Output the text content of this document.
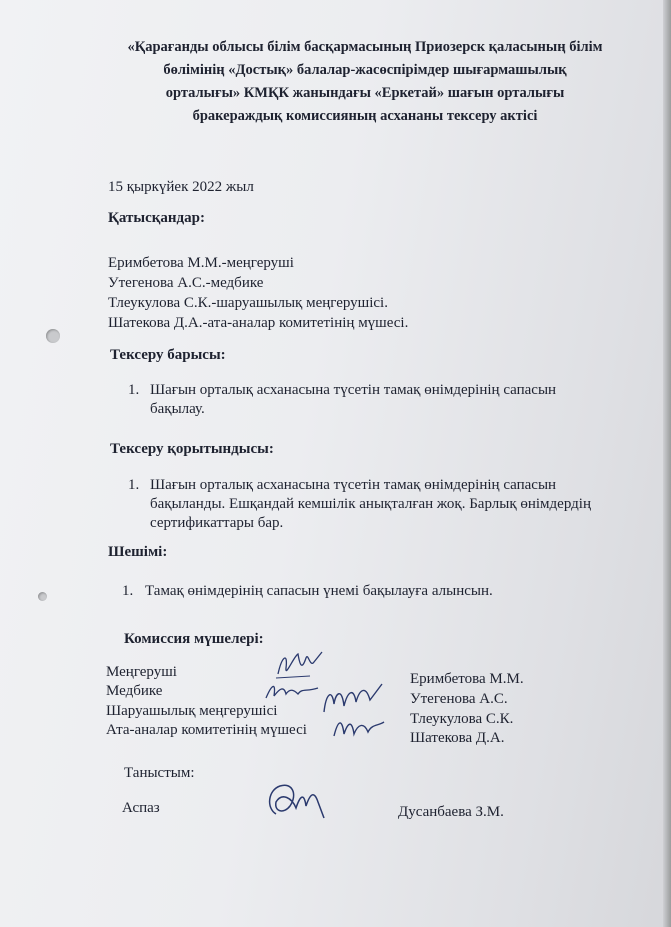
«Қарағанды облысы білім басқармасының Приозерск қаласының білім
бөлімінің «Достық» балалар-жасөспірімдер шығармашылық
орталығы» КМҚК жанындағы «Еркетай» шағын орталығы
бракераждық комиссияның асхананы тексеру актісі
15 қыркүйек 2022 жыл
Қатысқандар:
Еримбетова М.М.-меңгеруші
Утегенова А.С.-медбике
Тлеукулова С.К.-шаруашылық меңгерушісі.
Шатекова Д.А.-ата-аналар комитетінің мүшесі.
Тексеру барысы:
1. Шағын орталық асханасына түсетін тамақ өнімдерінің сапасын
бақылау.
Тексеру қорытындысы:
1. Шағын орталық асханасына түсетін тамақ өнімдерінің сапасын
бақыланды. Ешқандай кемшілік анықталған жоқ. Барлық өнімдердің
сертификаттары бар.
Шешімі:
1. Тамақ өнімдерінің сапасын үнемі бақылауға алынсын.
Комиссия мүшелері:
Меңгеруші	Еримбетова М.М.
Медбике	Утегенова А.С.
Шаруашылық меңгерушісі	Тлеукулова С.К.
Ата-аналар комитетінің мүшесі	Шатекова Д.А.
Таныстым:
Аспаз	Дусанбаева З.М.
